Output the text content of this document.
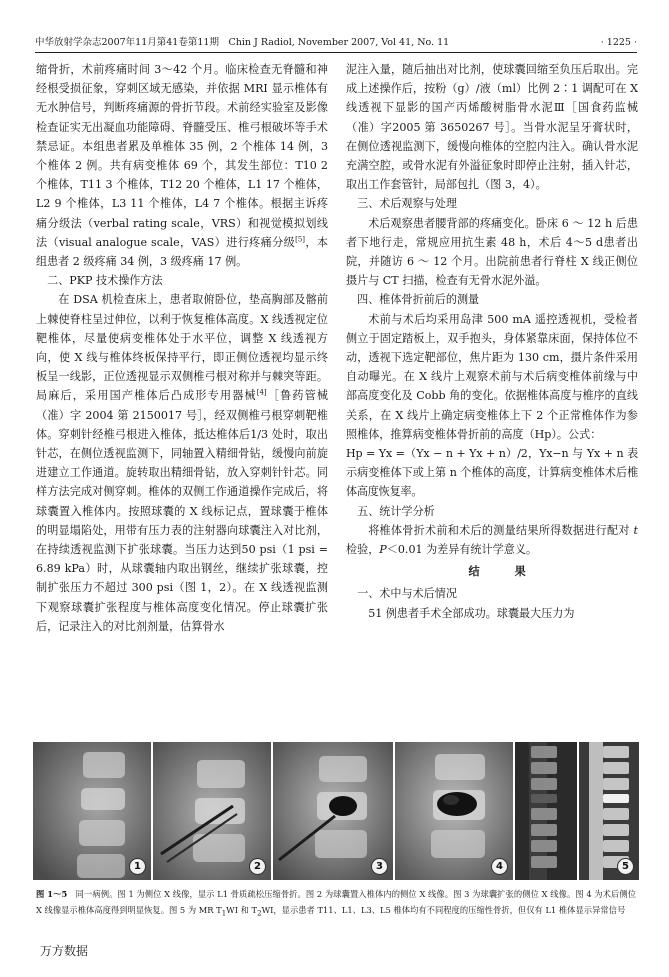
中华放射学杂志2007年11月第41卷第11期　Chin J Radiol, November 2007, Vol 41, No. 11	· 1225 ·

缩骨折，术前疼痛时间 3～42 个月。临床检查无脊髓和神经根受损征象，穿刺区域无感染，并依据 MRI 显示椎体有无水肿信号，判断疼痛源的骨折节段。术前经实验室及影像检查证实无出凝血功能障碍、脊髓受压、椎弓根破坏等手术禁忌证。本组患者累及单椎体 35 例，2 个椎体 14 例，3 个椎体 2 例。共有病变椎体 69 个，其发生部位：T10 2 个椎体，T11 3 个椎体，T12 20 个椎体，L1 17 个椎体，L2 9 个椎体，L3 11 个椎体，L4 7 个椎体。根据主诉疼痛分级法（verbal rating scale，VRS）和视觉模拟划线法（visual analogue scale，VAS）进行疼痛分级[5]，本组患者 2 级疼痛 34 例，3 级疼痛 17 例。

二、PKP 技术操作方法

在 DSA 机检查床上，患者取俯卧位，垫高胸部及髂前上棘使脊柱呈过伸位，以利于恢复椎体高度。X 线透视定位靶椎体，尽量使病变椎体处于水平位，调整 X 线透视方向，使 X 线与椎体终板保持平行，即正侧位透视均显示终板呈一线影，正位透视显示双侧椎弓根对称并与棘突等距。局麻后，采用国产椎体后凸成形专用器械[4]［鲁药管械（准）字 2004 第 2150017 号］，经双侧椎弓根穿刺靶椎体。穿刺针经椎弓根进入椎体，抵达椎体后1/3 处时，取出针芯，在侧位透视监测下，同轴置入精细骨钻，缓慢向前旋进建立工作通道。旋转取出精细骨钻，放入穿刺针针芯。同样方法完成对侧穿刺。椎体的双侧工作通道操作完成后，将球囊置入椎体内。按照球囊的 X 线标记点，置球囊于椎体的明显塌陷处，用带有压力表的注射器向球囊注入对比剂，在持续透视监测下扩张球囊。当压力达到50 psi（1 psi = 6.89 kPa）时，从球囊轴内取出钢丝，继续扩张球囊，控制扩张压力不超过 300 psi（图 1，2）。在 X 线透视监测下观察球囊扩张程度与椎体高度变化情况。停止球囊扩张后，记录注入的对比剂剂量，估算骨水

泥注入量，随后抽出对比剂，使球囊回缩至负压后取出。完成上述操作后，按粉（g）/液（ml）比例 2∶1 调配可在 X 线透视下显影的国产丙烯酸树脂骨水泥Ⅲ［国食药监械（准）字2005 第 3650267 号］。当骨水泥呈牙膏状时，在侧位透视监测下，缓慢向椎体的空腔内注入。确认骨水泥充满空腔，或骨水泥有外溢征象时即停止注射，插入针芯，取出工作套管针，局部包扎（图 3，4）。

三、术后观察与处理

术后观察患者腰背部的疼痛变化。卧床 6 ～ 12 h 后患者下地行走，常规应用抗生素 48 h，术后 4～5 d患者出院，并随访 6 ～ 12 个月。出院前患者行脊柱 X 线正侧位摄片与 CT 扫描，检查有无骨水泥外溢。

四、椎体骨折前后的测量

术前与术后均采用岛津 500 mA 遥控透视机，受检者侧立于固定踏板上，双手抱头，身体紧靠床面，保持体位不动，透视下选定靶部位，焦片距为 130 cm，摄片条件采用自动曝光。在 X 线片上观察术前与术后病变椎体前缘与中部高度变化及 Cobb 角的变化。依据椎体高度与椎序的直线关系，在 X 线片上确定病变椎体上下 2 个正常椎体作为参照椎体，推算病变椎体骨折前的高度（Hp）。公式：

Hp = Yx =（Yx − n + Yx + n）/2，Yx−n 与 Yx + n 表示病变椎体下或上第 n 个椎体的高度，计算病变椎体术后椎体高度恢复率。

五、统计学分析

将椎体骨折术前和术后的测量结果所得数据进行配对 t 检验，P＜0.01 为差异有统计学意义。

结　果

一、术中与术后情况

51 例患者手术全部成功。球囊最大压力为

1	2	3	4	5
图 1～5　同一病例。图 1 为侧位 X 线像，显示 L1 骨质疏松压缩骨折。图 2 为球囊置入椎体内的侧位 X 线像。图 3 为球囊扩张的侧位 X 线像。图 4 为术后侧位 X 线像显示椎体高度得到明显恢复。图 5 为 MR $T_1WI$ 和 $T_2WI$，显示患者 T11、L1、L3、L5 椎体均有不同程度的压缩性骨折，但仅有 L1 椎体显示异常信号
万方数据
